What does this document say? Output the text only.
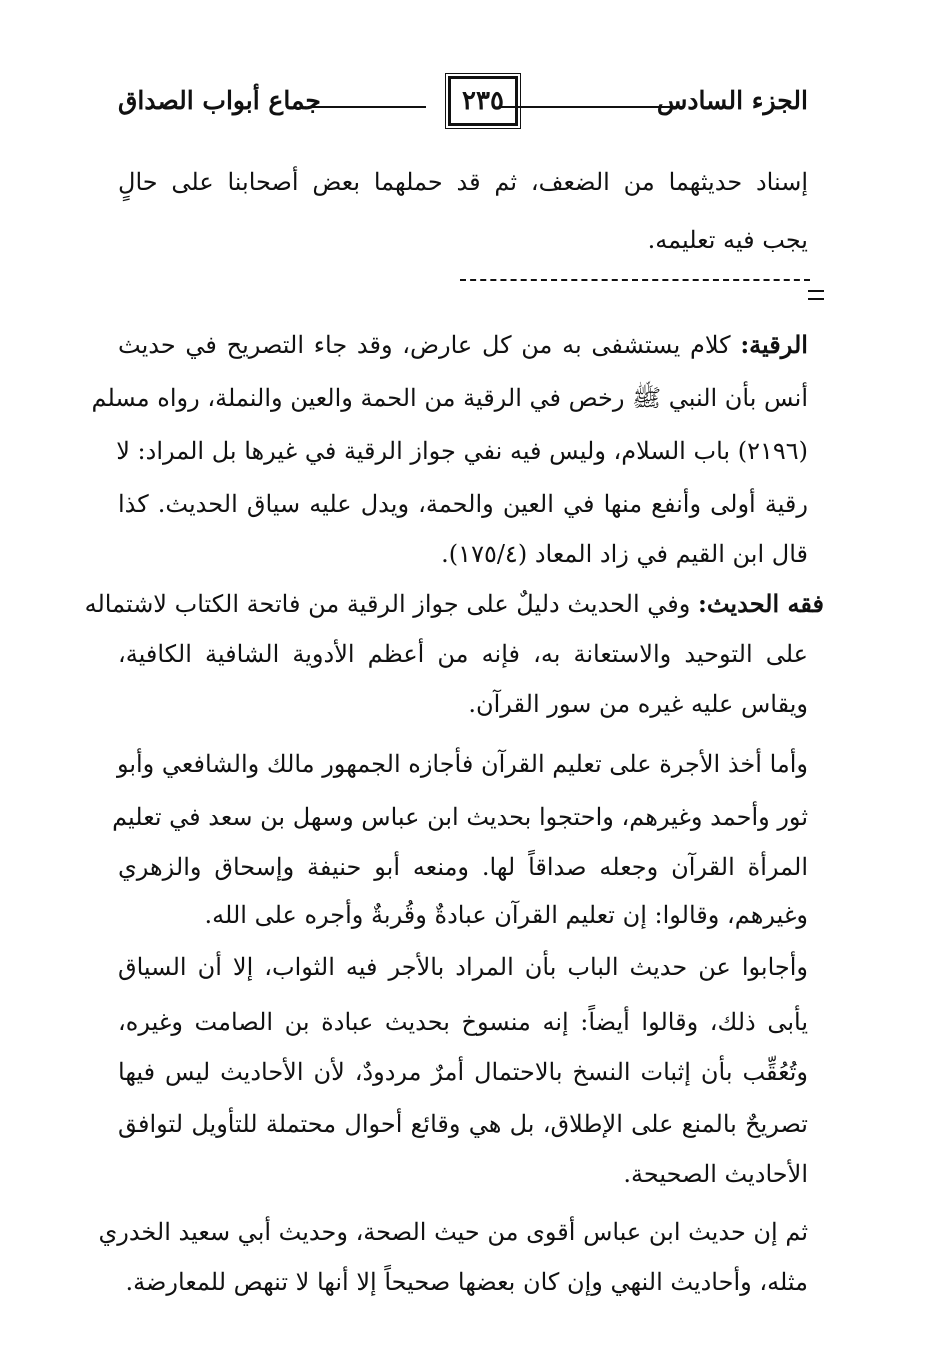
الجزء السادس
٢٣٥
جماع أبواب الصداق
إسناد حديثهما من الضعف، ثم قد حملهما بعض أصحابنا على حالٍ
يجب فيه تعليمه.
الرقية: كلام يستشفى به من كل عارض، وقد جاء التصريح في حديث
أنس بأن النبي ﷺ رخص في الرقية من الحمة والعين والنملة، رواه مسلم
(٢١٩٦) باب السلام، وليس فيه نفي جواز الرقية في غيرها بل المراد: لا
رقية أولى وأنفع منها في العين والحمة، ويدل عليه سياق الحديث. كذا
قال ابن القيم في زاد المعاد (١٧٥/٤).
فقه الحديث: وفي الحديث دليلٌ على جواز الرقية من فاتحة الكتاب لاشتماله
على التوحيد والاستعانة به، فإنه من أعظم الأدوية الشافية الكافية،
ويقاس عليه غيره من سور القرآن.
وأما أخذ الأجرة على تعليم القرآن فأجازه الجمهور مالك والشافعي وأبو
ثور وأحمد وغيرهم، واحتجوا بحديث ابن عباس وسهل بن سعد في تعليم
المرأة القرآن وجعله صداقاً لها. ومنعه أبو حنيفة وإسحاق والزهري
وغيرهم، وقالوا: إن تعليم القرآن عبادةٌ وقُربةٌ وأجره على الله.
وأجابوا عن حديث الباب بأن المراد بالأجر فيه الثواب، إلا أن السياق
يأبى ذلك، وقالوا أيضاً: إنه منسوخ بحديث عبادة بن الصامت وغيره،
وتُعُقِّب بأن إثبات النسخ بالاحتمال أمرٌ مردودٌ، لأن الأحاديث ليس فيها
تصريحٌ بالمنع على الإطلاق، بل هي وقائع أحوال محتملة للتأويل لتوافق
الأحاديث الصحيحة.
ثم إن حديث ابن عباس أقوى من حيث الصحة، وحديث أبي سعيد الخدري
مثله، وأحاديث النهي وإن كان بعضها صحيحاً إلا أنها لا تنهص للمعارضة.
